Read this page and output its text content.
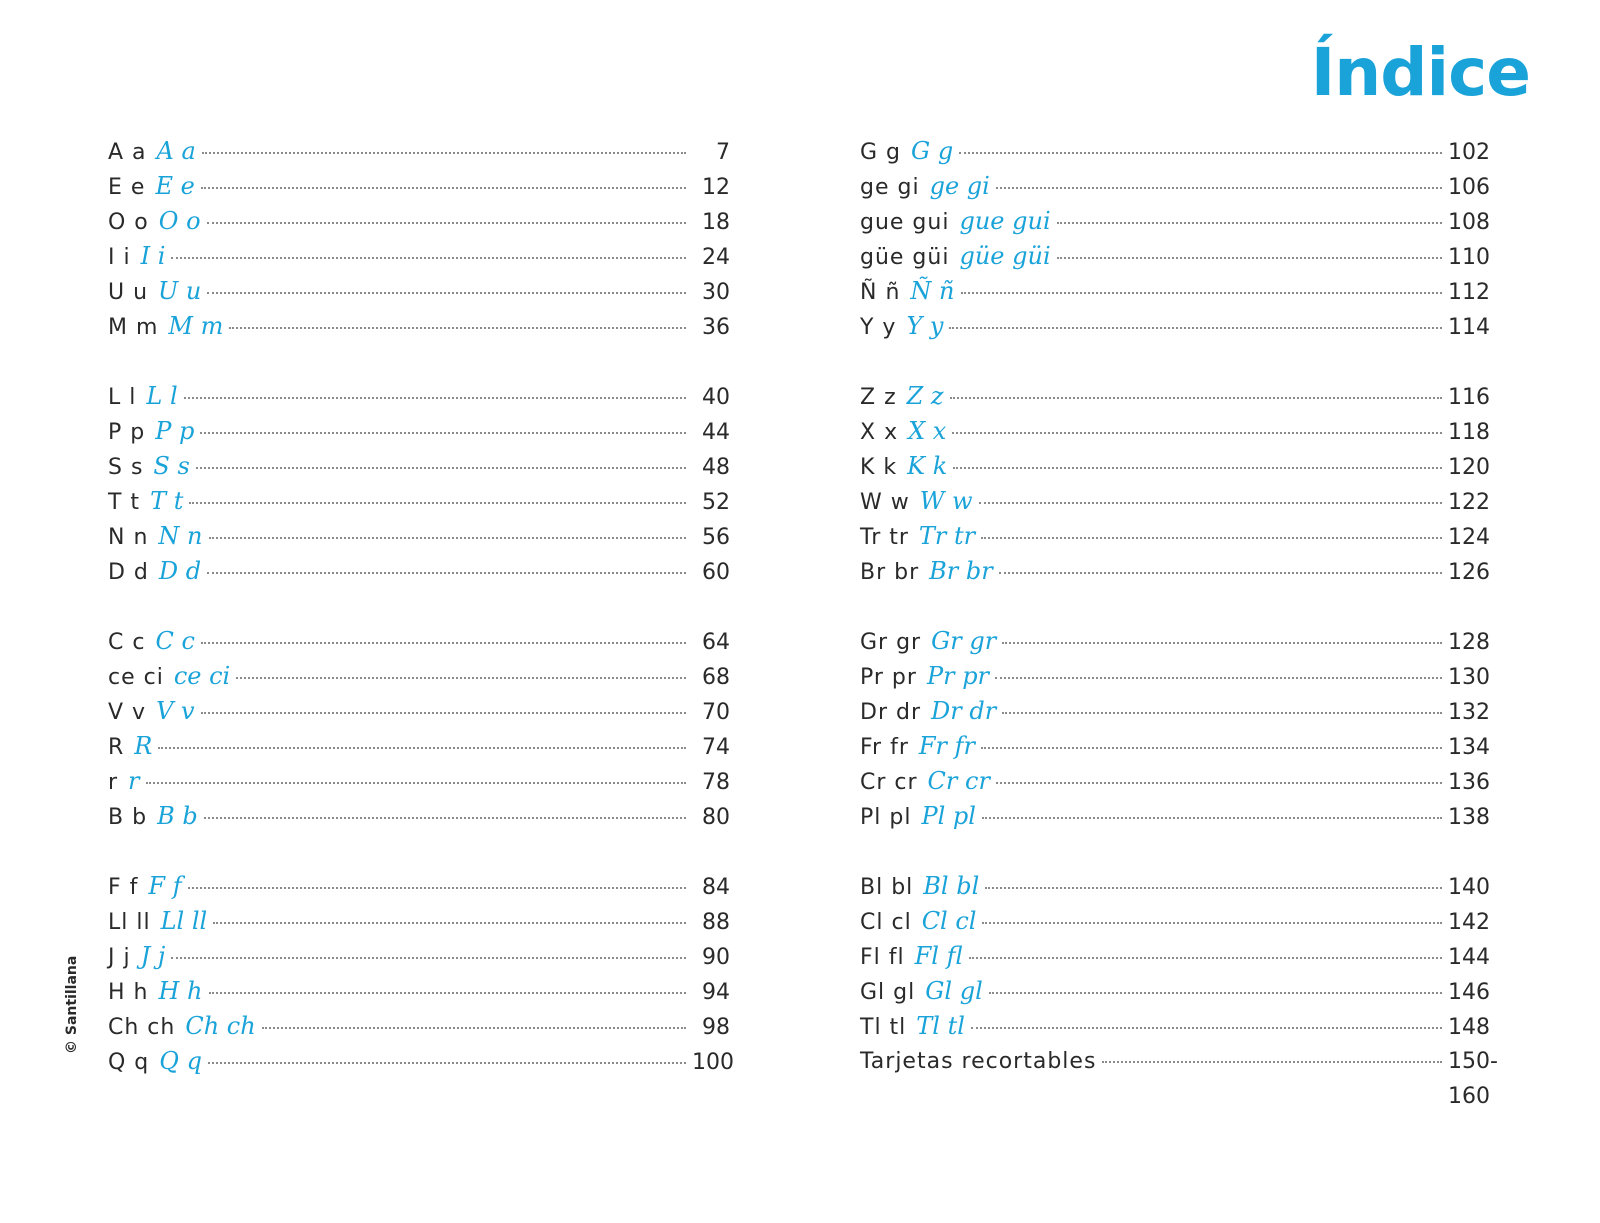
Índice
A a A a	7
E e E e	12
O o O o	18
I i I i	24
U u U u	30
M m M m	36
L l L l	40
P p P p	44
S s S s	48
T t T t	52
N n N n	56
D d D d	60
C c C c	64
ce ci ce ci	68
V v V v	70
R R	74
r r	78
B b B b	80
F f F f	84
Ll ll Ll ll	88
J j J j	90
H h H h	94
Ch ch Ch ch	98
Q q Q q	100
G g G g	102
ge gi ge gi	106
gue gui gue gui	108
güe güi güe güi	110
Ñ ñ Ñ ñ	112
Y y Y y	114
Z z Z z	116
X x X x	118
K k K k	120
W w W w	122
Tr tr Tr tr	124
Br br Br br	126
Gr gr Gr gr	128
Pr pr Pr pr	130
Dr dr Dr dr	132
Fr fr Fr fr	134
Cr cr Cr cr	136
Pl pl Pl pl	138
Bl bl Bl bl	140
Cl cl Cl cl	142
Fl fl Fl fl	144
Gl gl Gl gl	146
Tl tl Tl tl	148
Tarjetas recortables	150-160
© Santillana
